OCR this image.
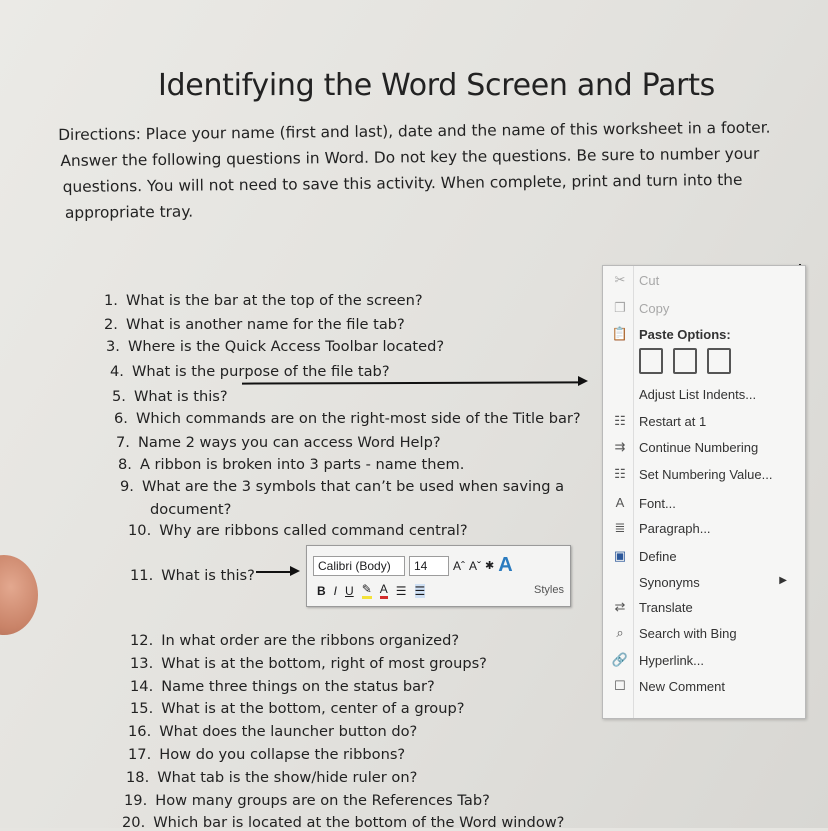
Identifying the Word Screen and Parts

Directions: Place your name (first and last), date and the name of this worksheet in a footer.

Answer the following questions in Word. Do not key the questions. Be sure to number your

questions. You will not need to save this activity. When complete, print and turn into the

appropriate tray.

1. What is the bar at the top of the screen?
2. What is another name for the file tab?
3. Where is the Quick Access Toolbar located?
4. What is the purpose of the file tab?
5. What is this?
6. Which commands are on the right-most side of the Title bar?
7. Name 2 ways you can access Word Help?
8. A ribbon is broken into 3 parts - name them.
9. What are the 3 symbols that can’t be used when saving a
document?
10. Why are ribbons called command central?
11. What is this?
12. In what order are the ribbons organized?
13. What is at the bottom, right of most groups?
14. Name three things on the status bar?
15. What is at the bottom, center of a group?
16. What does the launcher button do?
17. How do you collapse the ribbons?
18. What tab is the show/hide ruler on?
19. How many groups are on the References Tab?
20. Which bar is located at the bottom of the Word window?
Calibri (Body)	14	Aˆ Aˇ ✱ A
B I U ✎ A ☰ ☰	Styles
✂ Cut
❐ Copy
📋 Paste Options:
Adjust List Indents...
☷ Restart at 1
⇉ Continue Numbering
☷ Set Numbering Value...
A	Font...
≣ Paragraph...
▣ Define
Synonyms	▶
⇄ Translate
⌕	Search with Bing
🔗 Hyperlink...
☐ New Comment
